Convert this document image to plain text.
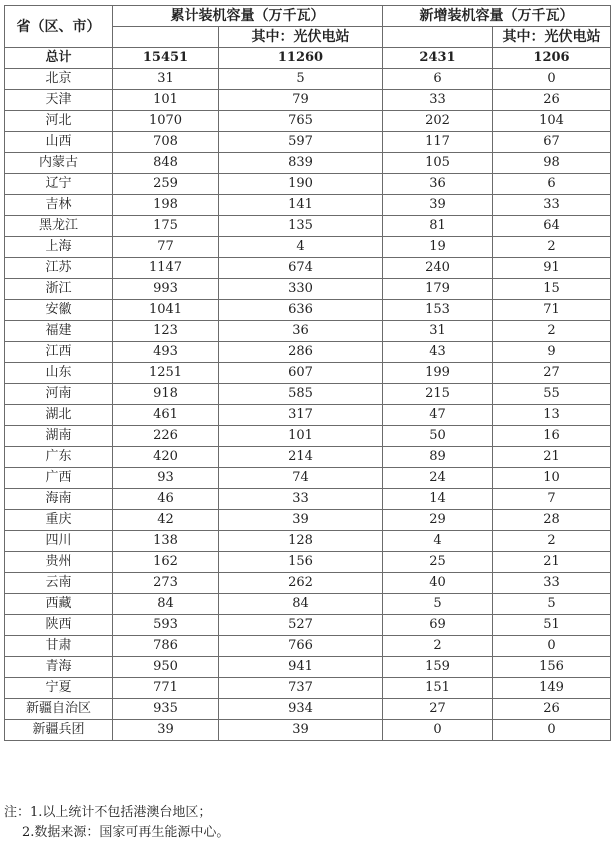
省（区、市）	累计装机容量（万千瓦）		新增装机容量（万千瓦）	
		其中：光伏电站		其中：光伏电站
总计	15451	11260	2431	1206
北京	31	5	6	0
天津	101	79	33	26
河北	1070	765	202	104
山西	708	597	117	67
内蒙古	848	839	105	98
辽宁	259	190	36	6
吉林	198	141	39	33
黑龙江	175	135	81	64
上海	77	4	19	2
江苏	1147	674	240	91
浙江	993	330	179	15
安徽	1041	636	153	71
福建	123	36	31	2
江西	493	286	43	9
山东	1251	607	199	27
河南	918	585	215	55
湖北	461	317	47	13
湖南	226	101	50	16
广东	420	214	89	21
广西	93	74	24	10
海南	46	33	14	7
重庆	42	39	29	28
四川	138	128	4	2
贵州	162	156	25	21
云南	273	262	40	33
西藏	84	84	5	5
陕西	593	527	69	51
甘肃	786	766	2	0
青海	950	941	159	156
宁夏	771	737	151	149
新疆自治区	935	934	27	26
新疆兵团	39	39	0	0
注：1.以上统计不包括港澳台地区；
2.数据来源：国家可再生能源中心。
